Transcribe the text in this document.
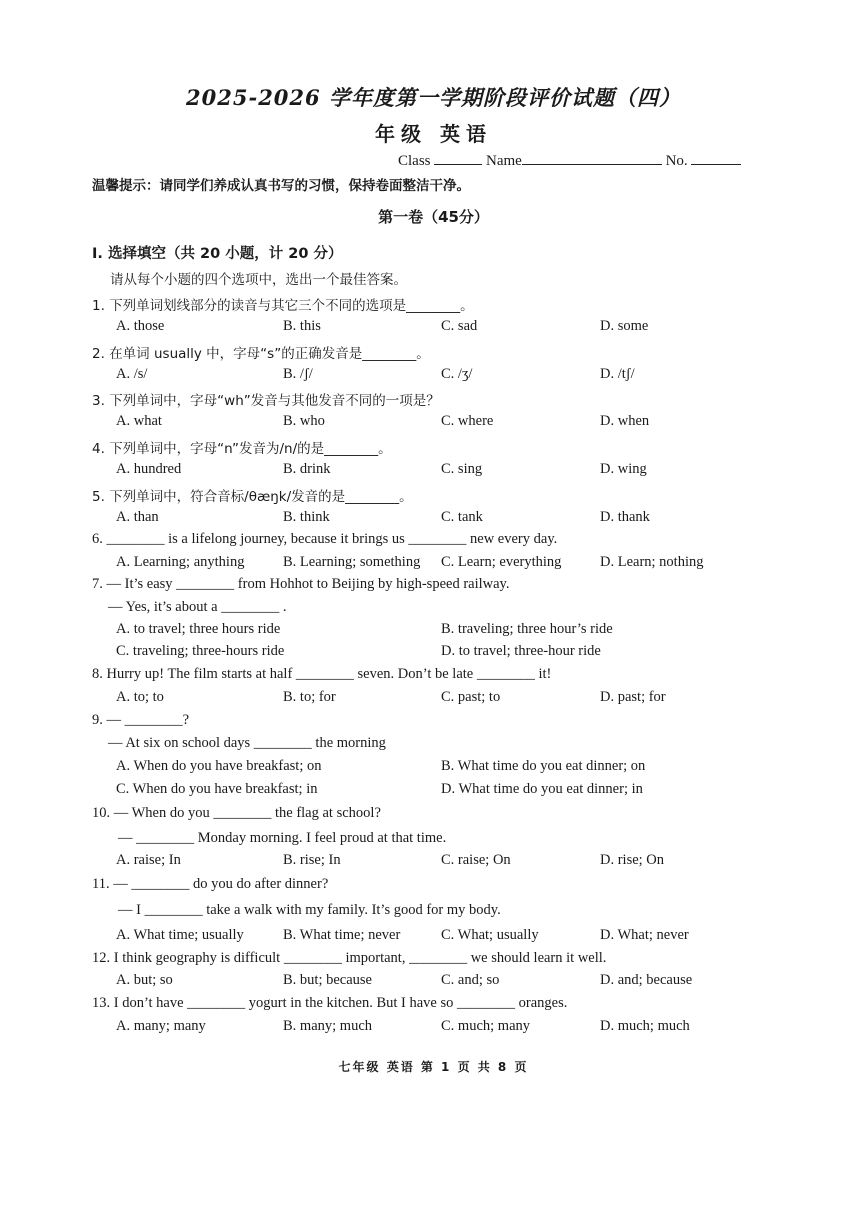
2025-2026 学年度第一学期阶段评价试题（四）
年级 英语
Class	Name	No.
温馨提示：请同学们养成认真书写的习惯，保持卷面整洁干净。
第一卷（45分）
I. 选择填空（共 20 小题，计 20 分）
请从每个小题的四个选项中，选出一个最佳答案。
1. 下列单词划线部分的读音与其它三个不同的选项是________。
A. those	B. this	C. sad	D. some
2. 在单词 usually 中，字母“s”的正确发音是________。
A. /s/	B. /ʃ/	C. /ʒ/	D. /tʃ/
3. 下列单词中，字母“wh”发音与其他发音不同的一项是？
A. what	B. who	C. where	D. when
4. 下列单词中，字母“n”发音为/n/的是________。
A. hundred	B. drink	C. sing	D. wing
5. 下列单词中，符合音标/θæŋk/发音的是________。
A. than	B. think	C. tank	D. thank
6. ________ is a lifelong journey, because it brings us ________ new every day.
A. Learning; anything	B. Learning; something C. Learn; everything	D. Learn; nothing
7. — It’s easy ________ from Hohhot to Beijing by high-speed railway.
— Yes, it’s about a ________ .
A. to travel; three hours ride	B. traveling; three hour’s ride
C. traveling; three-hours ride	D. to travel; three-hour ride
8. Hurry up! The film starts at half ________ seven. Don’t be late ________ it!
A. to; to	B. to; for	C. past; to	D. past; for
9. — ________?
— At six on school days ________ the morning
A. When do you have breakfast; on	B. What time do you eat dinner; on
C. When do you have breakfast; in	D. What time do you eat dinner; in
10. — When do you ________ the flag at school?
— ________ Monday morning. I feel proud at that time.
A. raise; In	B. rise; In	C. raise; On	D. rise; On
11. — ________ do you do after dinner?
— I ________ take a walk with my family. It’s good for my body.
A. What time; usually	B. What time; never	C. What; usually	D. What; never
12. I think geography is difficult ________ important, ________ we should learn it well.
A. but; so	B. but; because	C. and; so	D. and; because
13. I don’t have ________ yogurt in the kitchen. But I have so ________ oranges.
A. many; many	B. many; much	C. much; many	D. much; much
七年级 英语 第 1 页 共 8 页
